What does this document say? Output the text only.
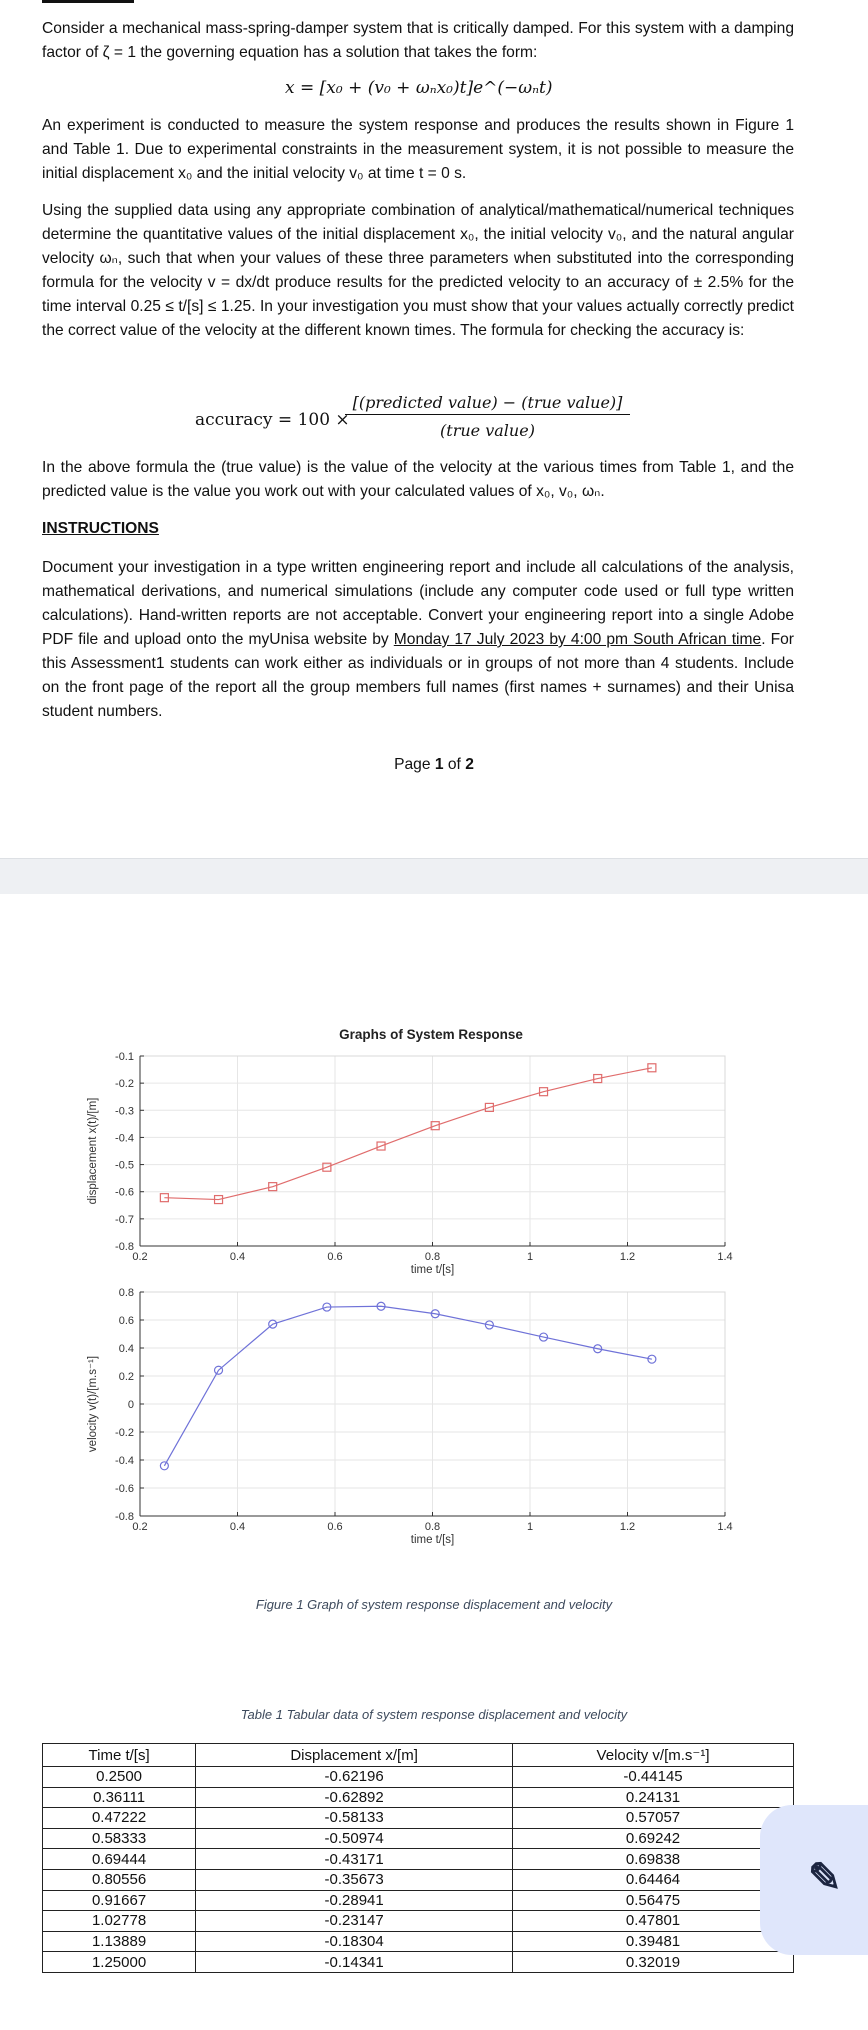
Consider a mechanical mass-spring-damper system that is critically damped. For this system with a damping factor of ζ = 1 the governing equation has a solution that takes the form:

x = [x₀ + (v₀ + ωₙx₀)t]e^(−ωₙt)

An experiment is conducted to measure the system response and produces the results shown in Figure 1 and Table 1. Due to experimental constraints in the measurement system, it is not possible to measure the initial displacement x₀ and the initial velocity v₀ at time t = 0 s.

Using the supplied data using any appropriate combination of analytical/mathematical/numerical techniques determine the quantitative values of the initial displacement x₀, the initial velocity v₀, and the natural angular velocity ωₙ, such that when your values of these three parameters when substituted into the corresponding formula for the velocity v = dx/dt produce results for the predicted velocity to an accuracy of ± 2.5% for the time interval 0.25 ≤ t/[s] ≤ 1.25. In your investigation you must show that your values actually correctly predict the correct value of the velocity at the different known times. The formula for checking the accuracy is:

accuracy = 100 ×
[(predicted value) − (true value)]
(true value)

In the above formula the (true value) is the value of the velocity at the various times from Table 1, and the predicted value is the value you work out with your calculated values of x₀, v₀, ωₙ.

INSTRUCTIONS

Document your investigation in a type written engineering report and include all calculations of the analysis, mathematical derivations, and numerical simulations (include any computer code used or full type written calculations). Hand-written reports are not acceptable. Convert your engineering report into a single Adobe PDF file and upload onto the myUnisa website by Monday 17 July 2023 by 4:00 pm South African time. For this Assessment1 students can work either as individuals or in groups of not more than 4 students. Include on the front page of the report all the group members full names (first names + surnames) and their Unisa student numbers.

Page 1 of 2
Graphs of System Response
0.2	0.4	0.6	0.8	1	1.2	1.4
-0.1
-0.2
-0.3
-0.4
-0.5
-0.6
-0.7
-0.8
time t/[s]
displacement x(t)/[m]
0.2	0.4	0.6	0.8	1	1.2	1.4
0.8
0.6
0.4
0.2
0
-0.2
-0.4
-0.6
-0.8
time t/[s]
velocity v(t)/[m.s⁻¹]
Figure 1 Graph of system response displacement and velocity
Table 1 Tabular data of system response displacement and velocity
Time t/[s]	Displacement x/[m]	Velocity v/[m.s⁻¹]
0.2500	-0.62196	-0.44145
0.36111	-0.62892	0.24131
0.47222	-0.58133	0.57057
0.58333	-0.50974	0.69242
0.69444	-0.43171	0.69838
0.80556	-0.35673	0.64464
0.91667	-0.28941	0.56475
1.02778	-0.23147	0.47801
1.13889	-0.18304	0.39481
1.25000	-0.14341	0.32019
✎
